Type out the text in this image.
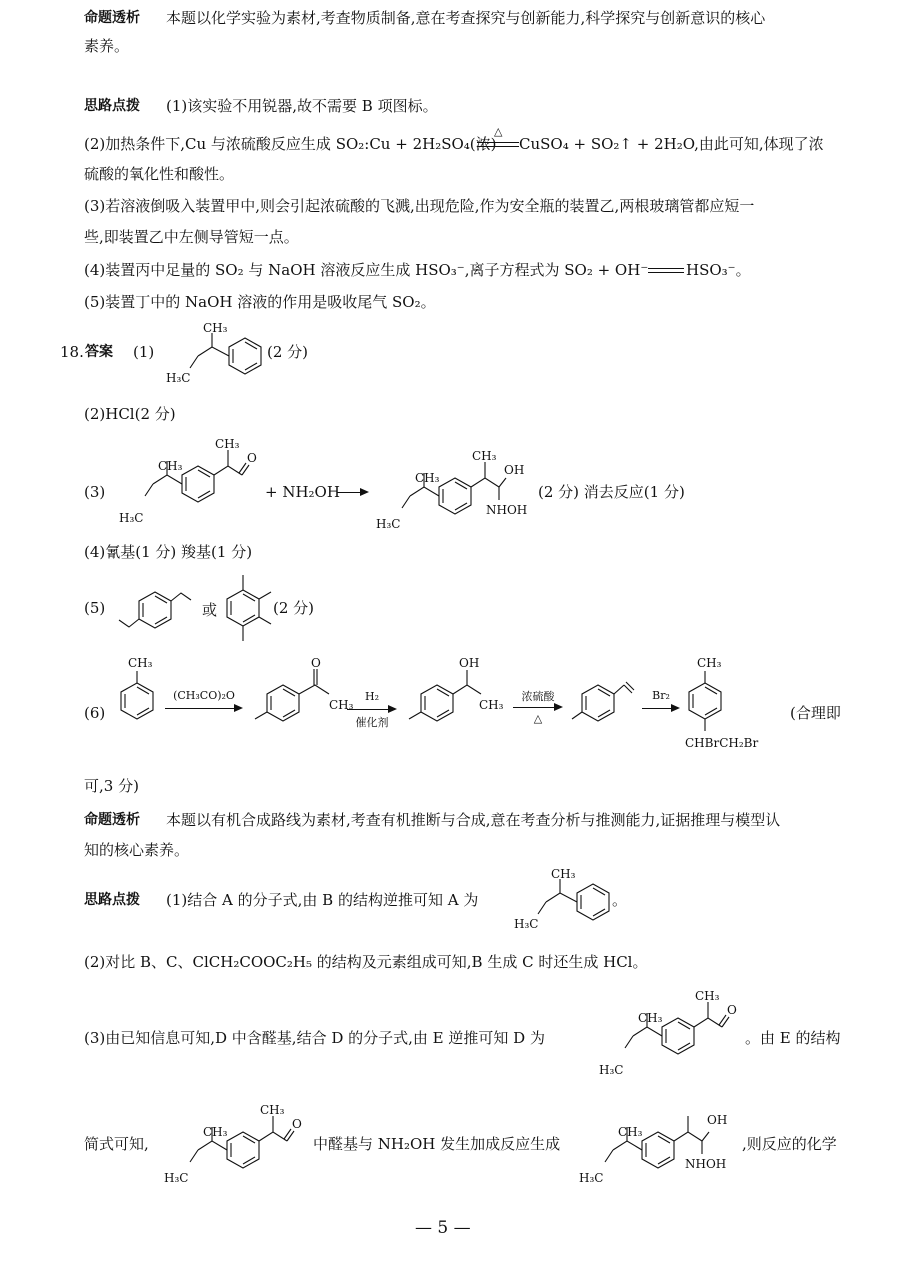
命题透析 本题以化学实验为素材,考查物质制备,意在考查探究与创新能力,科学探究与创新意识的核心
素养。
思路点拨 (1)该实验不用锐器,故不需要 B 项图标。
(2)加热条件下,Cu 与浓硫酸反应生成 SO₂:Cu + 2H₂SO₄(浓)
△
CuSO₄ + SO₂↑ + 2H₂O,由此可知,体现了浓
硫酸的氧化性和酸性。
(3)若溶液倒吸入装置甲中,则会引起浓硫酸的飞溅,出现危险,作为安全瓶的装置乙,两根玻璃管都应短一
些,即装置乙中左侧导管短一点。
(4)装置丙中足量的 SO₂ 与 NaOH 溶液反应生成 HSO₃⁻,离子方程式为 SO₂ + OH⁻	HSO₃⁻。
(5)装置丁中的 NaOH 溶液的作用是吸收尾气 SO₂。
18. 答案 (1)
CH₃
H₃C
(2 分)
(2)HCl(2 分)
(3)
CH₃
CH₃
O
H₃C
+ NH₂OH
CH₃
CH₃
OH
NHOH
H₃C
(2 分) 消去反应(1 分)
(4)氰基(1 分) 羧基(1 分)
(5)	或	(2 分)
(6)
CH₃
(CH₃CO)₂O
O
CH₃
H₂
催化剂
OH
CH₃
浓硫酸
△
Br₂
CH₃
CHBrCH₂Br
(合理即
可,3 分)
命题透析 本题以有机合成路线为素材,考查有机推断与合成,意在考查分析与推测能力,证据推理与模型认
知的核心素养。
思路点拨 (1)结合 A 的分子式,由 B 的结构逆推可知 A 为
CH₃
H₃C
。
(2)对比 B、C、ClCH₂COOC₂H₅ 的结构及元素组成可知,B 生成 C 时还生成 HCl。
(3)由已知信息可知,D 中含醛基,结合 D 的分子式,由 E 逆推可知 D 为
CH₃
CH₃
O
H₃C
。由 E 的结构
简式可知,
CH₃
CH₃
O
H₃C
中醛基与 NH₂OH 发生加成反应生成
OH
CH₃
NHOH
H₃C
,则反应的化学
— 5 —
